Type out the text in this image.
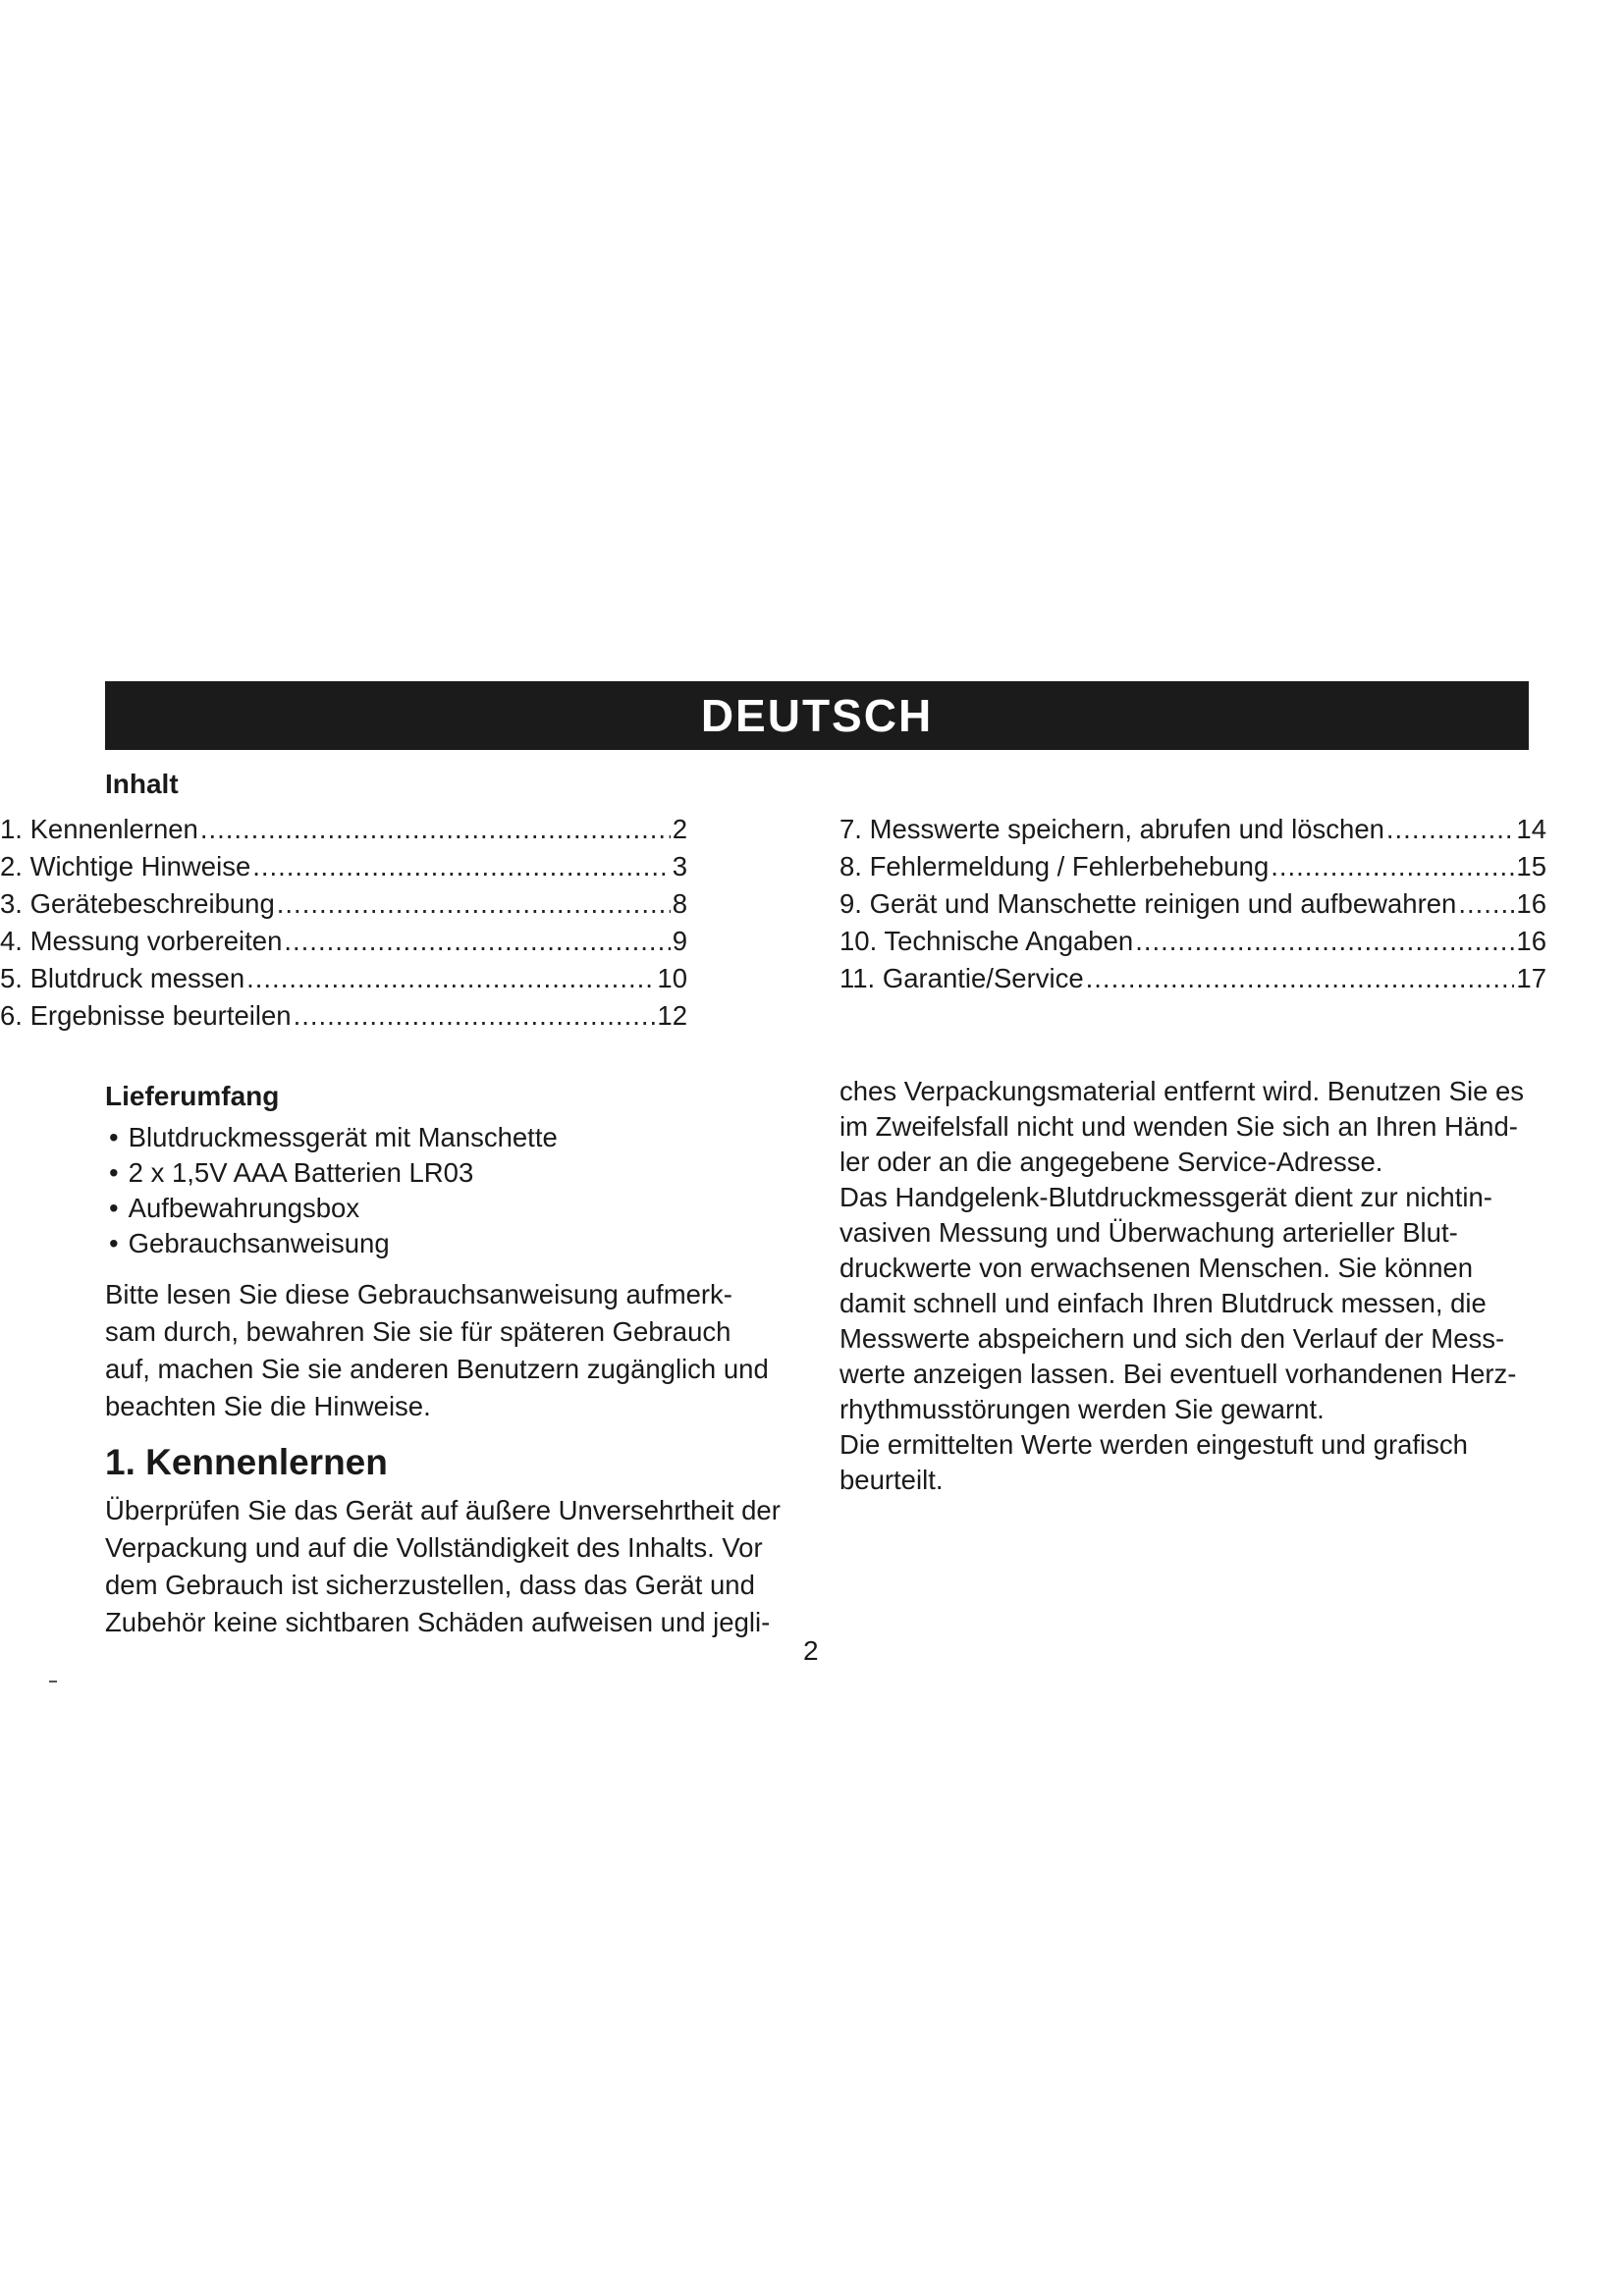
DEUTSCH
Inhalt
1. Kennenlernen .....	2
2. Wichtige Hinweise .....	3
3. Gerätebeschreibung .....	8
4. Messung vorbereiten .....	9
5. Blutdruck messen .....	10
6. Ergebnisse beurteilen .....	12
7. Messwerte speichern, abrufen und löschen .....	14
8. Fehlermeldung / Fehlerbehebung .....	15
9. Gerät und Manschette reinigen und aufbewahren ..... .16
10. Technische Angaben .....	16
11. Garantie/Service .....	17
Lieferumfang
• Blutdruckmessgerät mit Manschette
• 2 x 1,5V AAA Batterien LR03
• Aufbewahrungsbox
• Gebrauchsanweisung

Bitte lesen Sie diese Gebrauchsanweisung aufmerk-
sam durch, bewahren Sie sie für späteren Gebrauch
auf, machen Sie sie anderen Benutzern zugänglich und
beachten Sie die Hinweise.

1. Kennenlernen

Überprüfen Sie das Gerät auf äußere Unversehrtheit der
Verpackung und auf die Vollständigkeit des Inhalts. Vor
dem Gebrauch ist sicherzustellen, dass das Gerät und
Zubehör keine sichtbaren Schäden aufweisen und jegli-

ches Verpackungsmaterial entfernt wird. Benutzen Sie es
im Zweifelsfall nicht und wenden Sie sich an Ihren Händ-
ler oder an die angegebene Service-Adresse.
Das Handgelenk-Blutdruckmessgerät dient zur nichtin-
vasiven Messung und Überwachung arterieller Blut-
druckwerte von erwachsenen Menschen. Sie können
damit schnell und einfach Ihren Blutdruck messen, die
Messwerte abspeichern und sich den Verlauf der Mess-
werte anzeigen lassen. Bei eventuell vorhandenen Herz-
rhythmusstörungen werden Sie gewarnt.
Die ermittelten Werte werden eingestuft und grafisch
beurteilt.

2
